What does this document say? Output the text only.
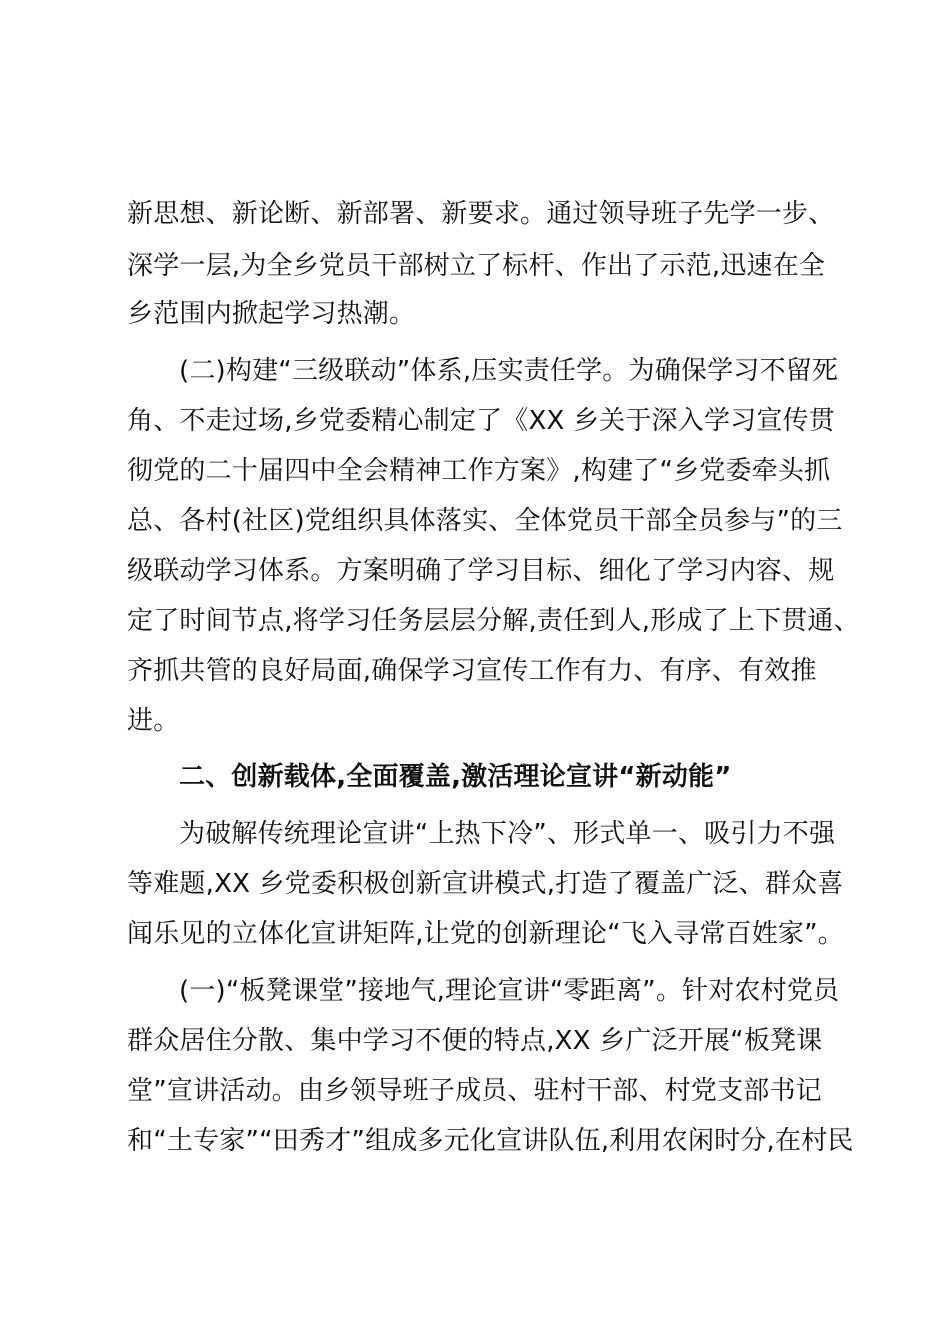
新思想、新论断、新部署、新要求。通过领导班子先学一步、
深学一层,为全乡党员干部树立了标杆、作出了示范,迅速在全
乡范围内掀起学习热潮。
(二)构建“三级联动”体系,压实责任学。为确保学习不留死
角、不走过场,乡党委精心制定了《XX 乡关于深入学习宣传贯
彻党的二十届四中全会精神工作方案》,构建了“乡党委牵头抓
总、各村(社区)党组织具体落实、全体党员干部全员参与”的三
级联动学习体系。方案明确了学习目标、细化了学习内容、规
定了时间节点,将学习任务层层分解,责任到人,形成了上下贯通、
齐抓共管的良好局面,确保学习宣传工作有力、有序、有效推
进。
二、创新载体,全面覆盖,激活理论宣讲“新动能”
为破解传统理论宣讲“上热下冷”、形式单一、吸引力不强
等难题,XX 乡党委积极创新宣讲模式,打造了覆盖广泛、群众喜
闻乐见的立体化宣讲矩阵,让党的创新理论“飞入寻常百姓家”。
(一)“板凳课堂”接地气,理论宣讲“零距离”。针对农村党员
群众居住分散、集中学习不便的特点,XX 乡广泛开展“板凳课
堂”宣讲活动。由乡领导班子成员、驻村干部、村党支部书记
和“土专家”“田秀才”组成多元化宣讲队伍,利用农闲时分,在村民
